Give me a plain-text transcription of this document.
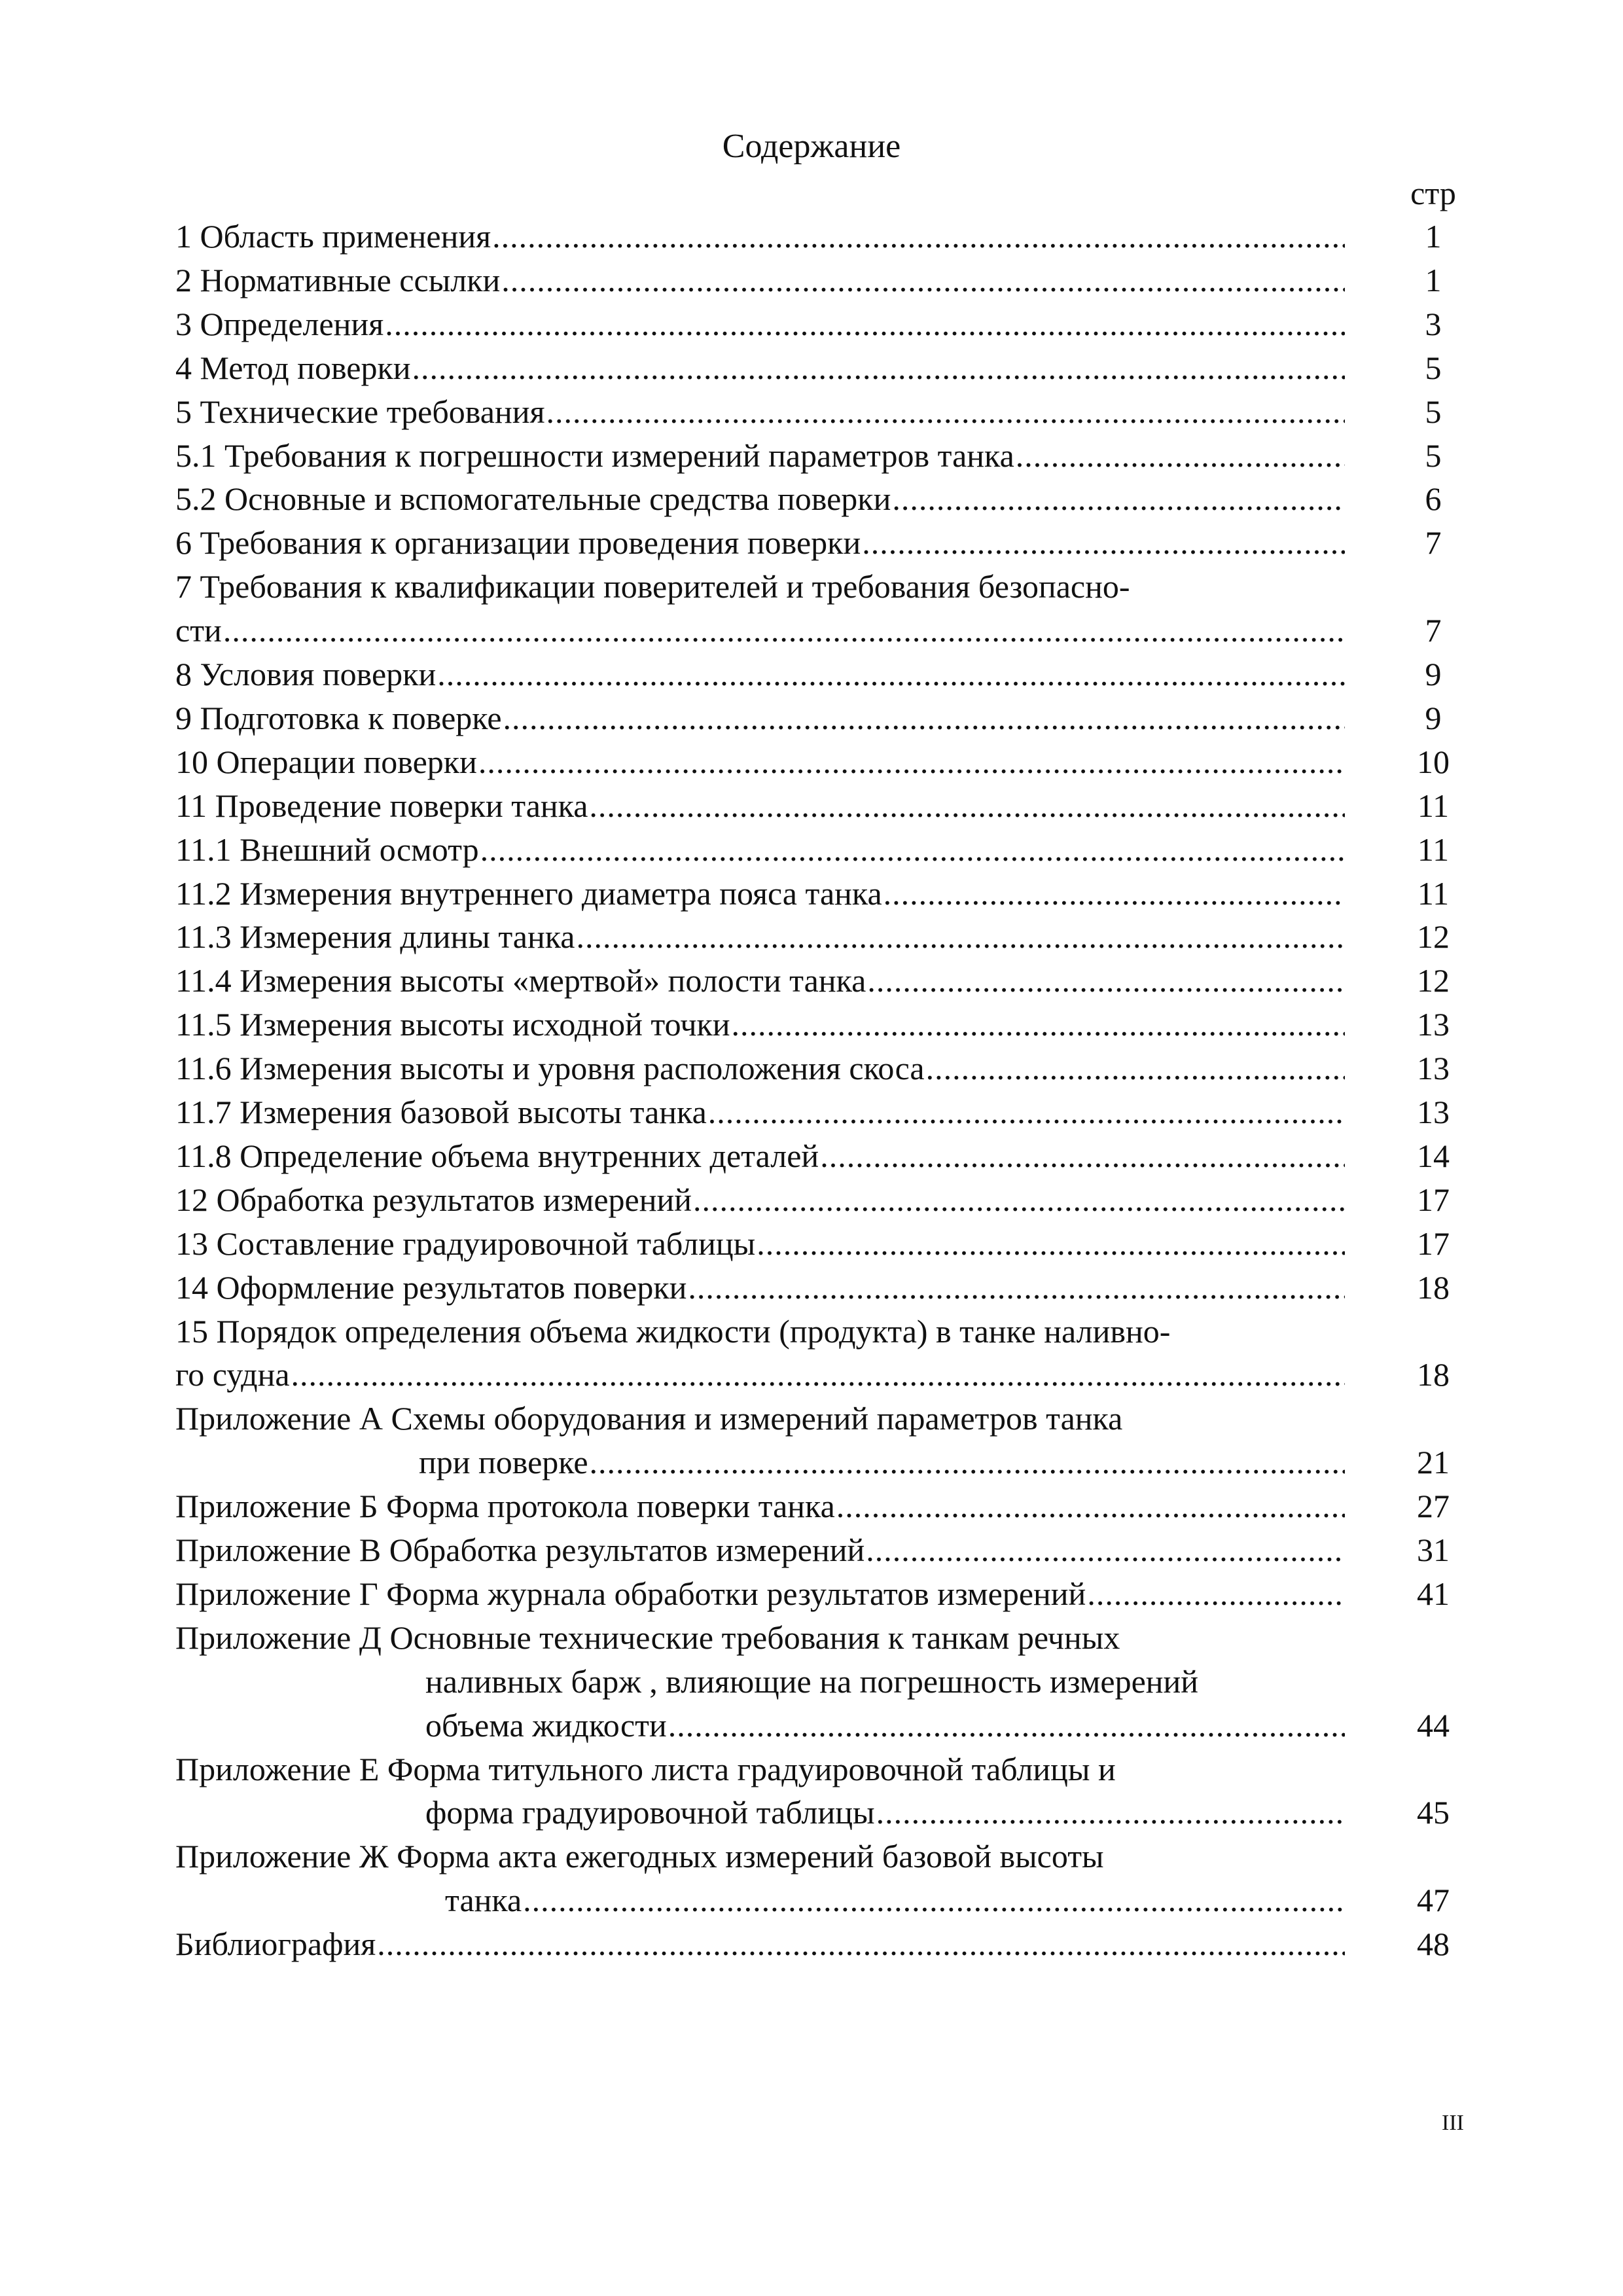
Содержание
стр
1 Область применения .....	1
2 Нормативные ссылки .....	1
3 Определения .....	3
4 Метод поверки .....	5
5 Технические требования .....	5
5.1 Требования к погрешности измерений параметров танка .....	5
5.2 Основные и вспомогательные средства поверки .....	6
6 Требования к организации проведения поверки .....	7
7 Требования к квалификации поверителей и требования безопасно-
сти .....	7
8 Условия поверки .....	9
9 Подготовка к поверке .....	9
10 Операции поверки .....	10
11 Проведение поверки танка .....	11
11.1 Внешний осмотр .....	11
11.2 Измерения внутреннего диаметра пояса танка .....	11
11.3 Измерения длины танка .....	12
11.4 Измерения высоты «мертвой» полости танка .....	12
11.5 Измерения высоты исходной точки .....	13
11.6 Измерения высоты и уровня расположения скоса .....	13
11.7 Измерения базовой высоты танка .....	13
11.8 Определение объема внутренних деталей .....	14
12 Обработка результатов измерений .....	17
13 Составление градуировочной таблицы .....	17
14 Оформление результатов поверки .....	18
15 Порядок определения объема жидкости (продукта) в танке наливно-
го судна .....	18
Приложение А Схемы оборудования и измерений параметров танка
при поверке .....	21
Приложение Б Форма протокола поверки танка .....	27
Приложение В Обработка результатов измерений .....	31
Приложение Г Форма журнала обработки результатов измерений .....	41
Приложение Д Основные технические требования к танкам речных
наливных барж , влияющие на погрешность измерений
объема жидкости .....	44
Приложение Е Форма титульного листа градуировочной таблицы и
форма градуировочной таблицы .....	45
Приложение Ж Форма акта ежегодных измерений базовой высоты
танка .....	47
Библиография .....	48
III
